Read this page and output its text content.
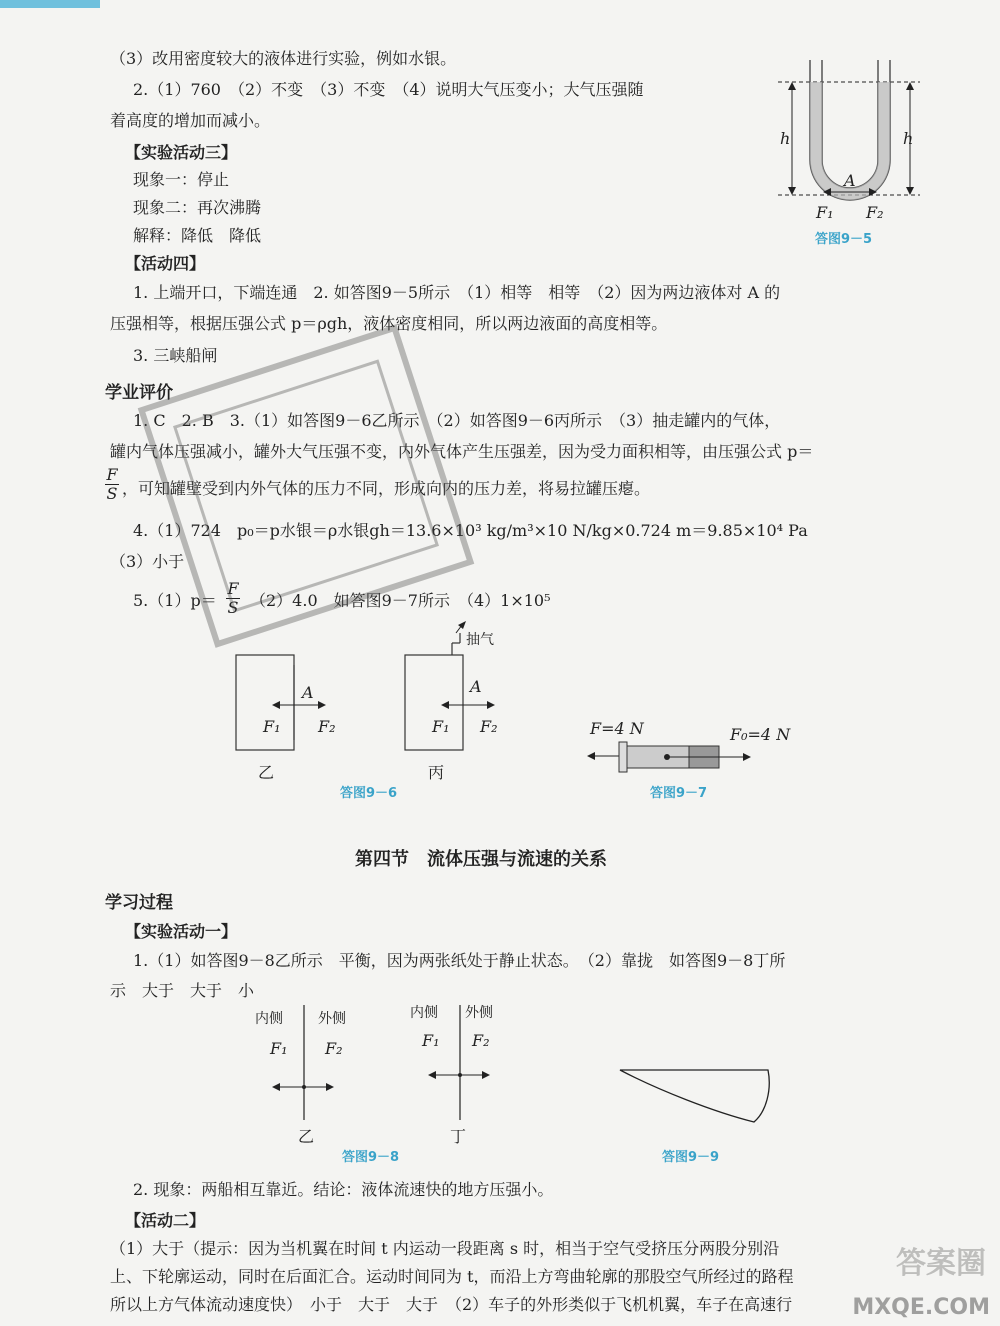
（3）改用密度较大的液体进行实验，例如水银。
2.（1）760　（2）不变　（3）不变　（4）说明大气压变小；大气压强随
着高度的增加而减小。
【实验活动三】
现象一：停止
现象二：再次沸腾
解释：降低　降低
【活动四】
1. 上端开口，下端连通　2. 如答图9－5所示　（1）相等　相等　（2）因为两边液体对 A 的
压强相等，根据压强公式 p＝ρgh，液体密度相同，所以两边液面的高度相等。
3. 三峡船闸
h	h
A
F₁ F₂
答图9－5
学业评价
1. C　2. B　3.（1）如答图9－6乙所示　（2）如答图9－6丙所示　（3）抽走罐内的气体，
罐内气体压强减小，罐外大气压强不变，内外气体产生压强差，因为受力面积相等，由压强公式 p＝
$\frac{F}{S}$ ，可知罐壁受到内外气体的压力不同，形成向内的压力差，将易拉罐压瘪。
4.（1）724　p₀＝p水银＝ρ水银gh＝13.6×10³ kg/m³×10 N/kg×0.724 m＝9.85×10⁴ Pa
（3）小于
$5.(1)p= \frac{F}{S} (2)4.0$　如答图9－7所示　（4）1×10⁵
抽气
A
F₁ F₂
A
F₁ F₂
乙	丙
答图9－6
F=4 N	F₀=4 N
答图9－7
第四节　流体压强与流速的关系
学习过程
【实验活动一】
1.（1）如答图9－8乙所示　平衡，因为两张纸处于静止状态。　（2）靠拢　如答图9－8丁所
示　大于　大于　小
内侧	外侧
F₁ F₂
内侧 外侧
F₁ F₂
乙	丁
答图9－8	答图9－9
2. 现象：两船相互靠近。结论：液体流速快的地方压强小。
【活动二】
（1）大于（提示：因为当机翼在时间 t 内运动一段距离 s 时，相当于空气受挤压分两股分别沿
上、下轮廓运动，同时在后面汇合。运动时间同为 t，而沿上方弯曲轮廓的那股空气所经过的路程
所以上方气体流动速度快）　小于　大于　大于　（2）车子的外形类似于飞机机翼，车子在高速行
答案圈
MXQE.COM
